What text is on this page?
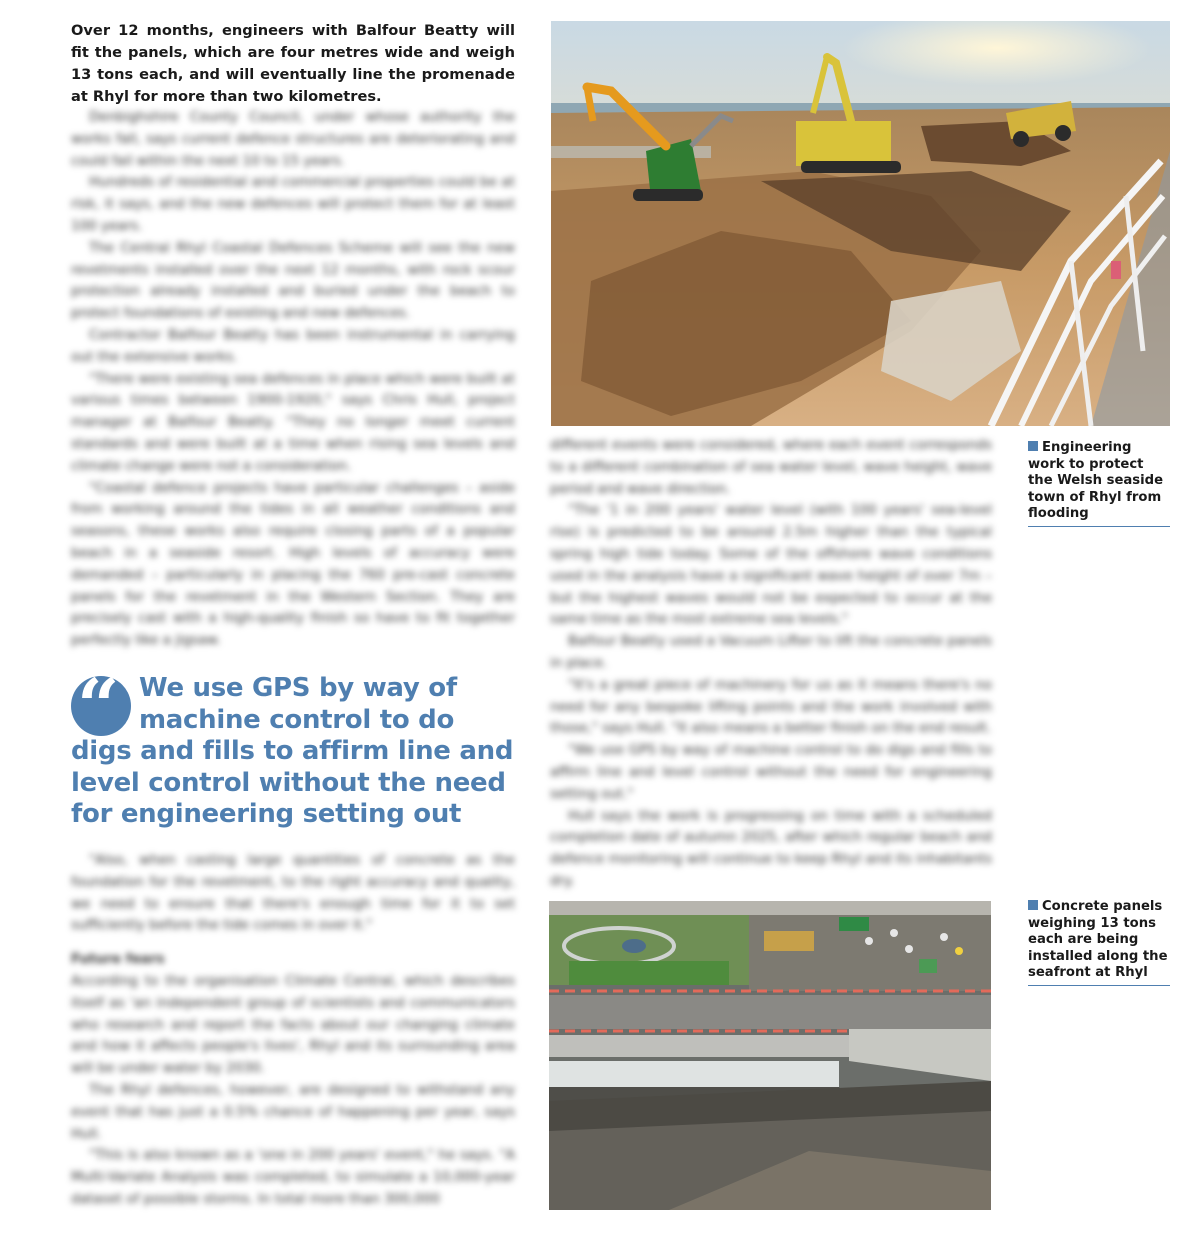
Over 12 months, engineers with Balfour Beatty will fit the panels, which are four metres wide and weigh 13 tons each, and will eventually line the promenade at Rhyl for more than two kilometres.

Denbighshire County Council, under whose authority the works fall, says current defence structures are deteriorating and could fail within the next 10 to 15 years.

Hundreds of residential and commercial properties could be at risk, it says, and the new defences will protect them for at least 100 years.

The Central Rhyl Coastal Defences Scheme will see the new revetments installed over the next 12 months, with rock scour protection already installed and buried under the beach to protect foundations of existing and new defences.

Contractor Balfour Beatty has been instrumental in carrying out the extensive works.

"There were existing sea defences in place which were built at various times between 1900-1920," says Chris Hull, project manager at Balfour Beatty. "They no longer meet current standards and were built at a time when rising sea levels and climate change were not a consideration.

"Coastal defence projects have particular challenges – aside from working around the tides in all weather conditions and seasons, these works also require closing parts of a popular beach in a seaside resort. High levels of accuracy were demanded – particularly in placing the 760 pre-cast concrete panels for the revetment in the Western Section. They are precisely cast with a high-quality finish so have to fit together perfectly like a jigsaw.

“ We use GPS by way of machine control to do digs and fills to affirm line and level control without the need for engineering setting out

"Also, when casting large quantities of concrete as the foundation for the revetment, to the right accuracy and quality, we need to ensure that there's enough time for it to set sufficiently before the tide comes in over it."

Future fears

According to the organisation Climate Central, which describes itself as 'an independent group of scientists and communicators who research and report the facts about our changing climate and how it affects people's lives', Rhyl and its surrounding area will be under water by 2030.

The Rhyl defences, however, are designed to withstand any event that has just a 0.5% chance of happening per year, says Hull.

"This is also known as a 'one in 200 years' event," he says. "A Multi-Variate Analysis was completed, to simulate a 10,000-year dataset of possible storms. In total more than 300,000

different events were considered, where each event corresponds to a different combination of sea water level, wave height, wave period and wave direction.

"The '1 in 200 years' water level (with 100 years' sea-level rise) is predicted to be around 2.5m higher than the typical spring high tide today. Some of the offshore wave conditions used in the analysis have a significant wave height of over 7m – but the highest waves would not be expected to occur at the same time as the most extreme sea levels."

Balfour Beatty used a Vacuum Lifter to lift the concrete panels in place.

"It's a great piece of machinery for us as it means there's no need for any bespoke lifting points and the work involved with those," says Hull. "It also means a better finish on the end result.

"We use GPS by way of machine control to do digs and fills to affirm line and level control without the need for engineering setting out."

Hull says the work is progressing on time with a scheduled completion date of autumn 2025, after which regular beach and defence monitoring will continue to keep Rhyl and its inhabitants dry.

Engineering work to protect the Welsh seaside town of Rhyl from flooding

Concrete panels weighing 13 tons each are being installed along the seafront at Rhyl
